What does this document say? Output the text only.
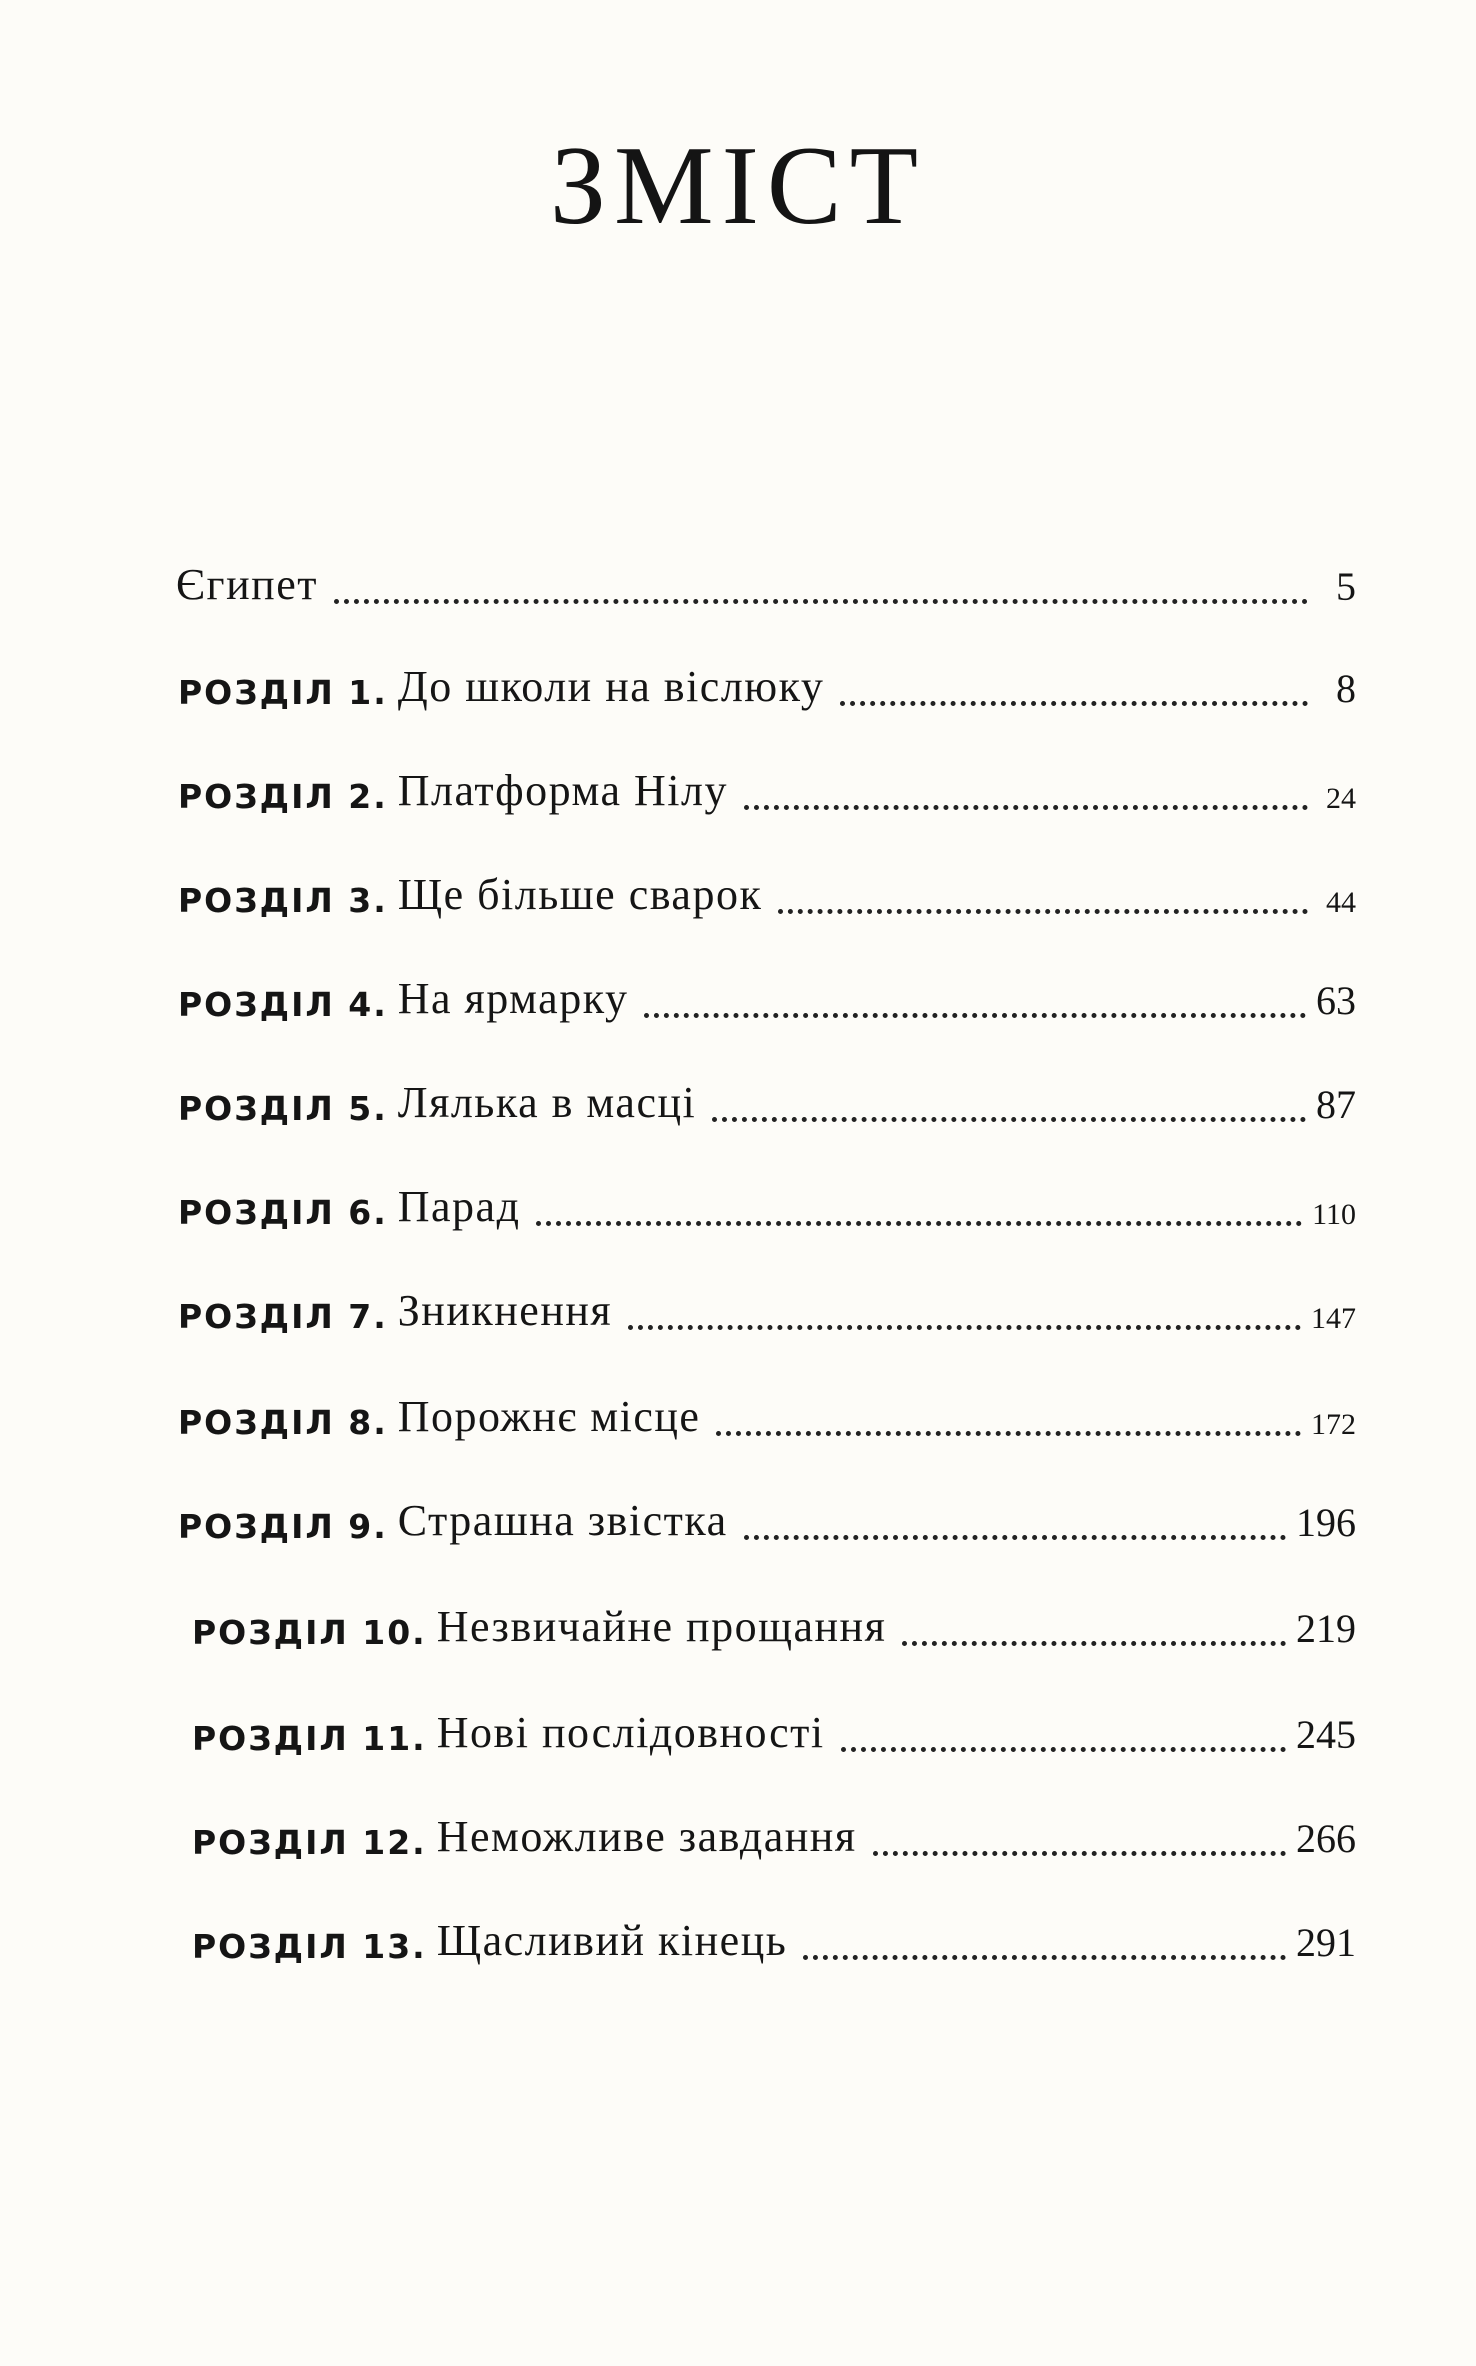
ЗМІСТ
Єгипет	5
РОЗДІЛ 1. До школи на віслюку	8
РОЗДІЛ 2. Платформа Нілу	24
РОЗДІЛ 3. Ще більше сварок	44
РОЗДІЛ 4. На ярмарку	63
РОЗДІЛ 5. Лялька в масці	87
РОЗДІЛ 6. Парад	110
РОЗДІЛ 7. Зникнення	147
РОЗДІЛ 8. Порожнє місце	172
РОЗДІЛ 9. Страшна звістка	196
РОЗДІЛ 10. Незвичайне прощання	219
РОЗДІЛ 11. Нові послідовності	245
РОЗДІЛ 12. Неможливе завдання	266
РОЗДІЛ 13. Щасливий кінець	291
